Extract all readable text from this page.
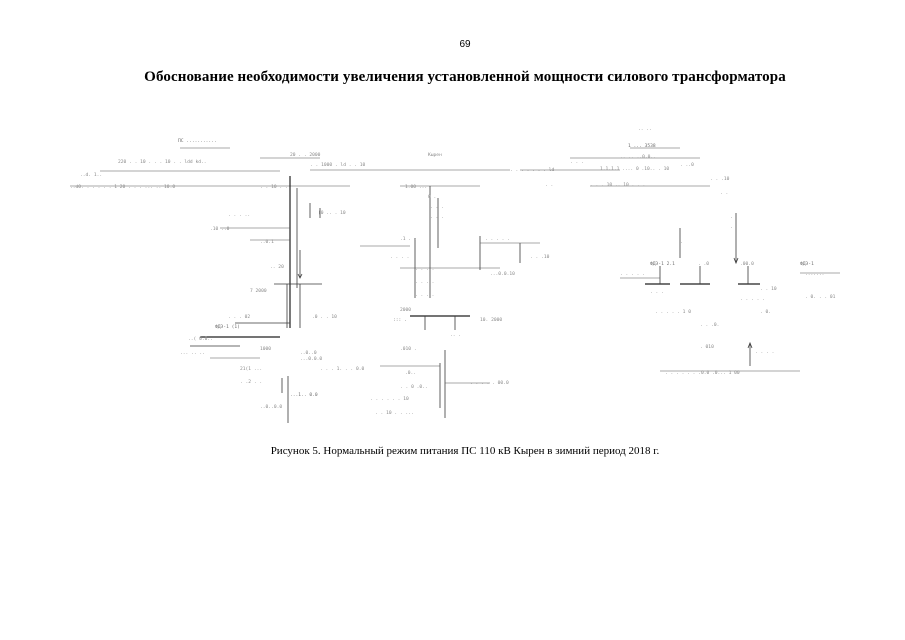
69
Обоснование необходимости увеличения установленной мощности силового трансформатора
ПС ...........
220 . . 10 . . . 10 . . ldd kd..
..d. 1..
..d0. . . . . . 1 20 . . . ... .. 10.0
20 . . 2000
. . 1000 . ld . . 10
. . 10 . .
. . . ..	[0 .. . 10
.10 ..0
..0.1
.. 20
7 2000
. . . 02	.0 . . 10
ФДЭ-1 (1)
..( 0.0..
1000
..0..0
... .. ..
...0.0.0
21(1 ...
. .2 . .
...1.. 0.0
..0..0.0
. . . 1. . . 0.0
Кырен
1.00 ...
0 .
. . .
. . .
.1 . .	. . . . .
. . .10
. . . .
. . . .
...0.0.10
. . . .
. . . .
2000
::: .	10. 2000
.. .
.010 .
.0..
. . . . . 00.0
. . 0 .0..
. . . . . . 10
. . 10 . . ...
.. ..
1 ... 3538
.. .. ..0.0..
. . .
. . . . . . . ld	1.1.1.1 .... 0 .10.. . 10
. ..0
. .	. . . 10 .. 10 . . .
. . .10
. .
.
.
.
ФДЭ-1 2.1	. .0	.00.0	ФДЭ-1
.......
. . . . .
. . .
. . 10
. . . . .	. 0. . . 01
. . . . . 1 0	. 0.
. . .0.
. 010
. . . .
. . . . . . .0.0 .0... 1 00
Рисунок 5. Нормальный режим питания ПС 110 кВ Кырен в зимний период 2018 г.
